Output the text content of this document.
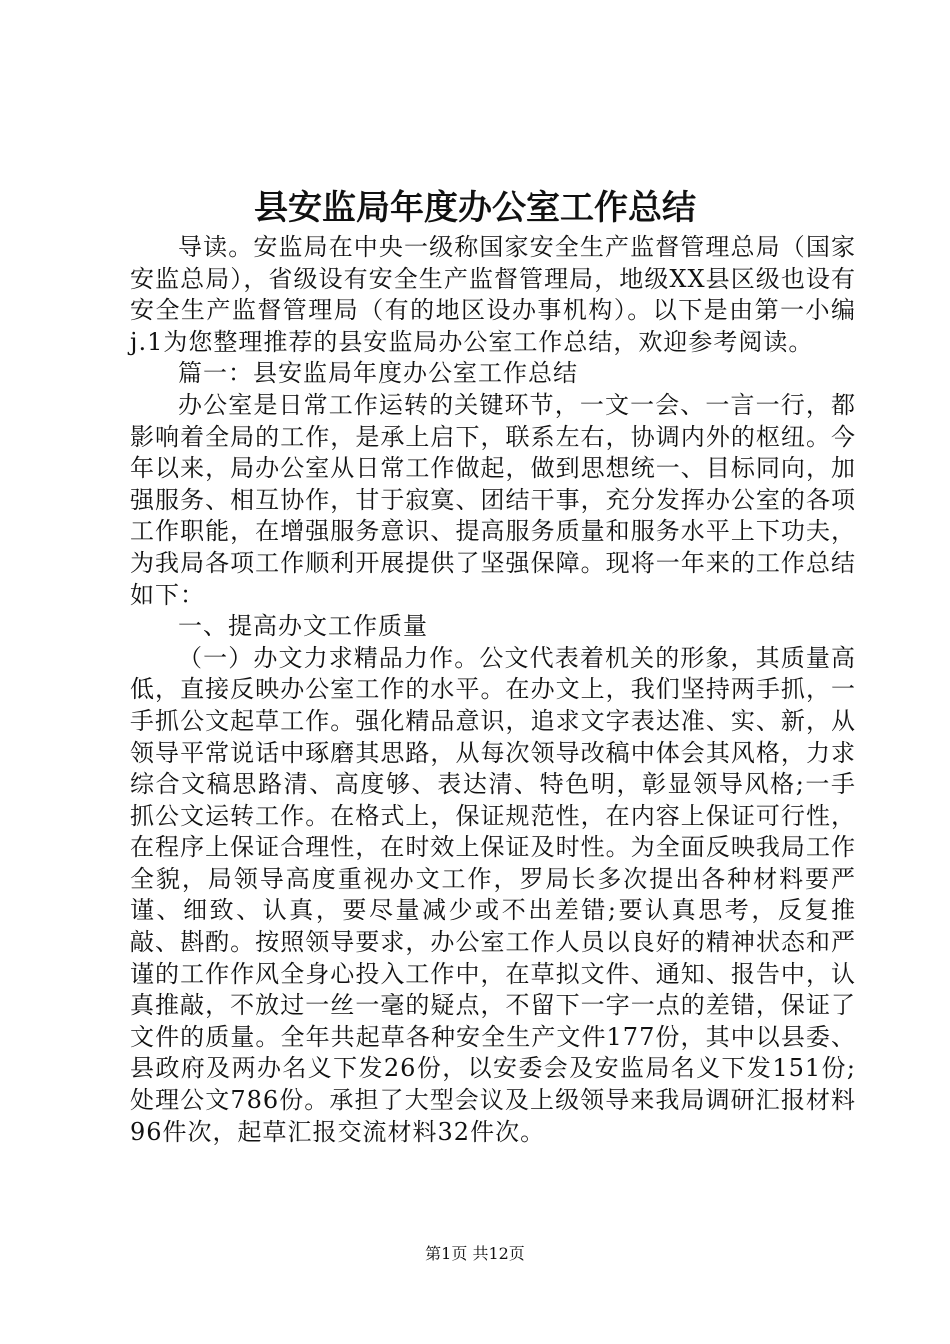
县安监局年度办公室工作总结

导读。安监局在中央一级称国家安全生产监督管理总局（国家安监总局），省级设有安全生产监督管理局，地级XX县区级也设有安全生产监督管理局（有的地区设办事机构）。以下是由第一小编j.1为您整理推荐的县安监局办公室工作总结，欢迎参考阅读。

篇一：县安监局年度办公室工作总结

办公室是日常工作运转的关键环节，一文一会、一言一行，都影响着全局的工作，是承上启下，联系左右，协调内外的枢纽。今年以来，局办公室从日常工作做起，做到思想统一、目标同向，加强服务、相互协作，甘于寂寞、团结干事，充分发挥办公室的各项工作职能，在增强服务意识、提高服务质量和服务水平上下功夫，为我局各项工作顺利开展提供了坚强保障。现将一年来的工作总结如下：

一、提高办文工作质量

（一）办文力求精品力作。公文代表着机关的形象，其质量高低，直接反映办公室工作的水平。在办文上，我们坚持两手抓，一手抓公文起草工作。强化精品意识，追求文字表达准、实、新，从领导平常说话中琢磨其思路，从每次领导改稿中体会其风格，力求综合文稿思路清、高度够、表达清、特色明，彰显领导风格;一手抓公文运转工作。在格式上，保证规范性，在内容上保证可行性，在程序上保证合理性，在时效上保证及时性。为全面反映我局工作全貌，局领导高度重视办文工作，罗局长多次提出各种材料要严谨、细致、认真，要尽量减少或不出差错;要认真思考，反复推敲、斟酌。按照领导要求，办公室工作人员以良好的精神状态和严谨的工作作风全身心投入工作中，在草拟文件、通知、报告中，认真推敲，不放过一丝一毫的疑点，不留下一字一点的差错，保证了文件的质量。全年共起草各种安全生产文件177份，其中以县委、县政府及两办名义下发26份，以安委会及安监局名义下发151份;处理公文786份。承担了大型会议及上级领导来我局调研汇报材料96件次，起草汇报交流材料32件次。

第1页 共12页
